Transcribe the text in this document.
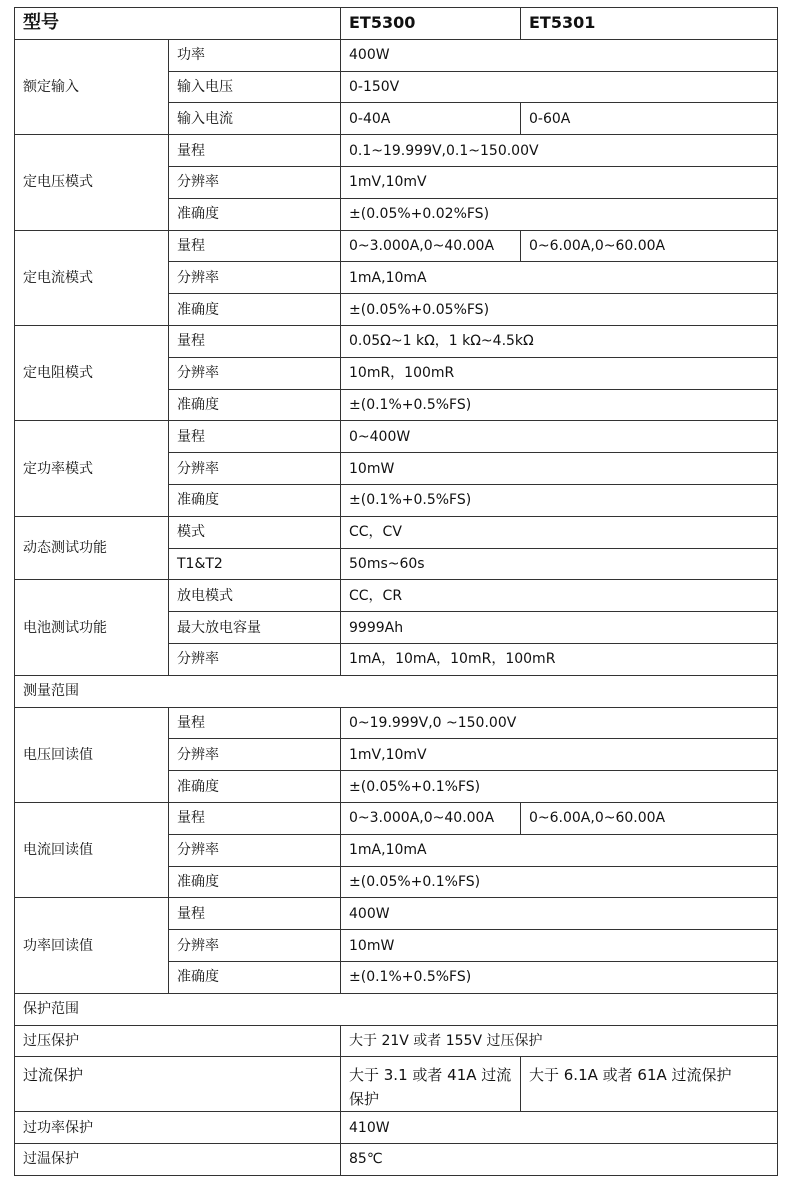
型号		ET5300	ET5301
额定输入	功率	400W	
	输入电压	0-150V	
	输入电流	0-40A	0-60A
定电压模式	量程	0.1~19.999V,0.1~150.00V	
	分辨率	1mV,10mV	
	准确度	±(0.05%+0.02%FS)	
定电流模式	量程	0~3.000A,0~40.00A	0~6.00A,0~60.00A
	分辨率	1mA,10mA	
	准确度	±(0.05%+0.05%FS)	
定电阻模式	量程	0.05Ω~1 kΩ，1 kΩ~4.5kΩ	
	分辨率	10mR，100mR	
	准确度	±(0.1%+0.5%FS)	
定功率模式	量程	0~400W	
	分辨率	10mW	
	准确度	±(0.1%+0.5%FS)	
动态测试功能	模式	CC，CV	
	T1&T2	50ms~60s	
电池测试功能	放电模式	CC，CR	
	最大放电容量	9999Ah	
	分辨率	1mA，10mA，10mR，100mR	
测量范围			
电压回读值	量程	0~19.999V,0 ~150.00V	
	分辨率	1mV,10mV	
	准确度	±(0.05%+0.1%FS)	
电流回读值	量程	0~3.000A,0~40.00A	0~6.00A,0~60.00A
	分辨率	1mA,10mA	
	准确度	±(0.05%+0.1%FS)	
功率回读值	量程	400W	
	分辨率	10mW	
	准确度	±(0.1%+0.5%FS)	
保护范围			
过压保护		大于 21V 或者 155V 过压保护	
过流保护		大于 3.1 或者 41A 过流保护	大于 6.1A 或者 61A 过流保护
过功率保护		410W	
过温保护		85℃	
